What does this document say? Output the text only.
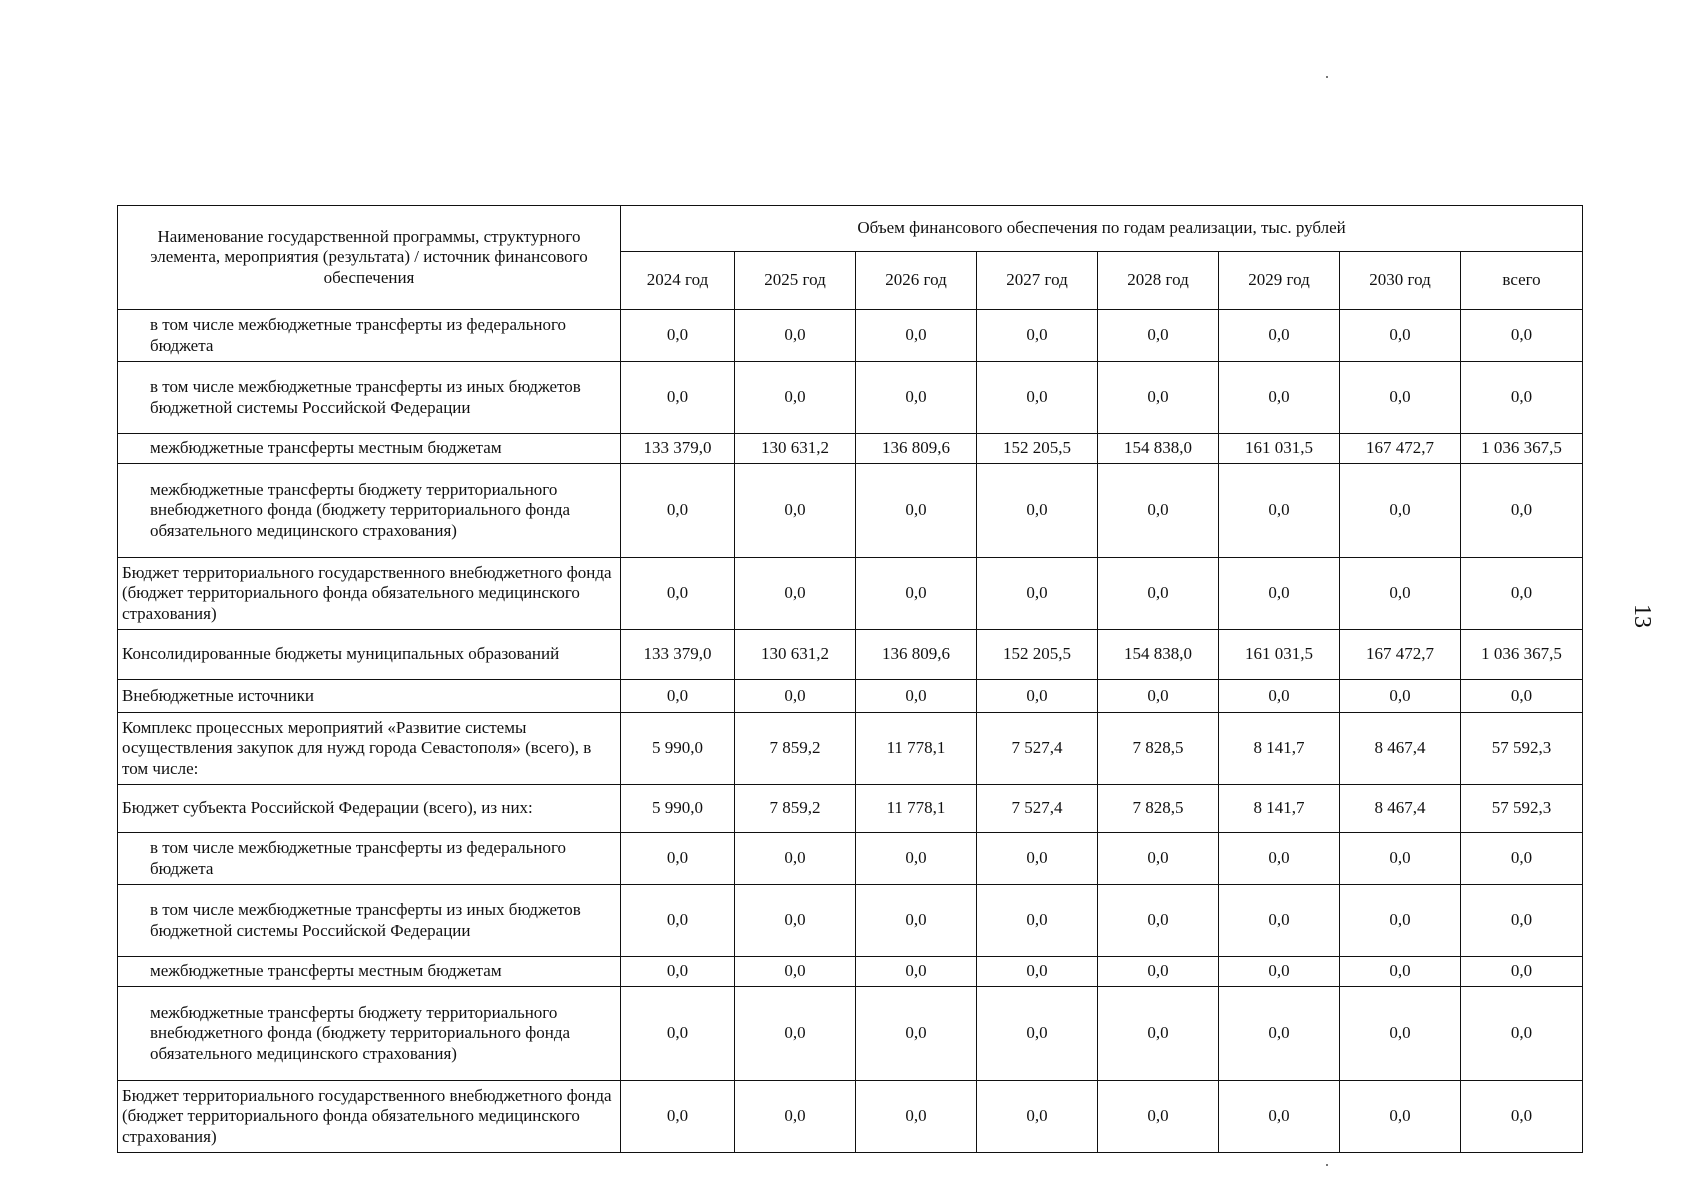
13
Наименование государственной программы, структурного элемента, мероприятия (результата) / источник финансового обеспечения	Объем финансового обеспечения по годам реализации, тыс. рублей							
	2024 год	2025 год	2026 год	2027 год	2028 год	2029 год	2030 год	всего
в том числе межбюджетные трансферты из федерального бюджета	0,0	0,0	0,0	0,0	0,0	0,0	0,0	0,0
в том числе межбюджетные трансферты из иных бюджетов бюджетной системы Российской Федерации	0,0	0,0	0,0	0,0	0,0	0,0	0,0	0,0
межбюджетные трансферты местным бюджетам	133 379,0	130 631,2	136 809,6	152 205,5	154 838,0	161 031,5	167 472,7	1 036 367,5
межбюджетные трансферты бюджету территориального внебюджетного фонда (бюджету территориального фонда обязательного медицинского страхования)	0,0	0,0	0,0	0,0	0,0	0,0	0,0	0,0
Бюджет территориального государственного внебюджетного фонда (бюджет территориального фонда обязательного медицинского страхования)	0,0	0,0	0,0	0,0	0,0	0,0	0,0	0,0
Консолидированные бюджеты муниципальных образований	133 379,0	130 631,2	136 809,6	152 205,5	154 838,0	161 031,5	167 472,7	1 036 367,5
Внебюджетные источники	0,0	0,0	0,0	0,0	0,0	0,0	0,0	0,0
Комплекс процессных мероприятий «Развитие системы осуществления закупок для нужд города Севастополя» (всего), в том числе:	5 990,0	7 859,2	11 778,1	7 527,4	7 828,5	8 141,7	8 467,4	57 592,3
Бюджет субъекта Российской Федерации (всего), из них:	5 990,0	7 859,2	11 778,1	7 527,4	7 828,5	8 141,7	8 467,4	57 592,3
в том числе межбюджетные трансферты из федерального бюджета	0,0	0,0	0,0	0,0	0,0	0,0	0,0	0,0
в том числе межбюджетные трансферты из иных бюджетов бюджетной системы Российской Федерации	0,0	0,0	0,0	0,0	0,0	0,0	0,0	0,0
межбюджетные трансферты местным бюджетам	0,0	0,0	0,0	0,0	0,0	0,0	0,0	0,0
межбюджетные трансферты бюджету территориального внебюджетного фонда (бюджету территориального фонда обязательного медицинского страхования)	0,0	0,0	0,0	0,0	0,0	0,0	0,0	0,0
Бюджет территориального государственного внебюджетного фонда (бюджет территориального фонда обязательного медицинского страхования)	0,0	0,0	0,0	0,0	0,0	0,0	0,0	0,0
